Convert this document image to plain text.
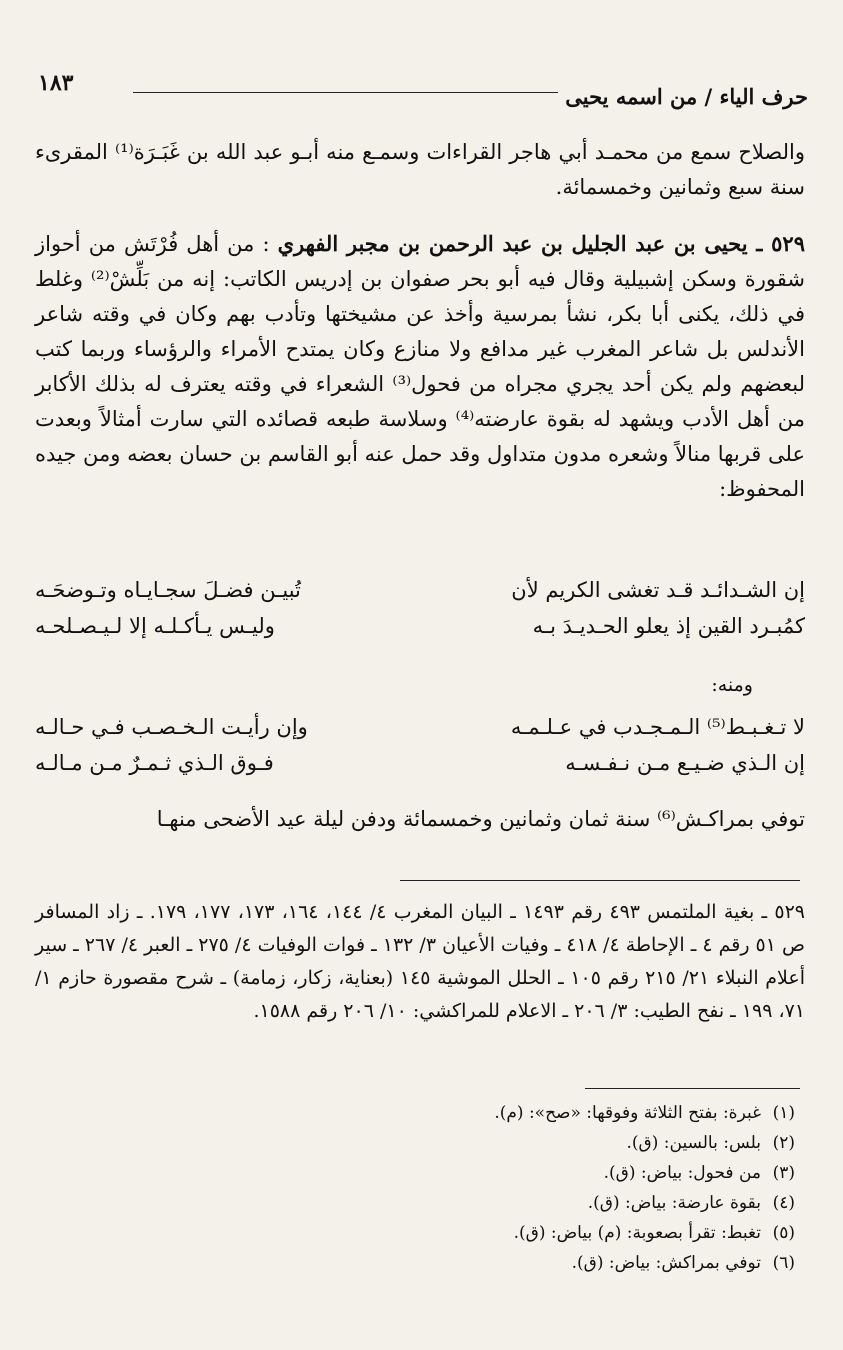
١٨٣
حرف الياء / من اسمه يحيى

والصلاح سمع من محمـد أبي هاجر القراءات وسمـع منه أبـو عبد الله بن غَبَـرَة⁽¹⁾ المقرىء سنة سبع وثمانين وخمسمائة.

٥٢٩ ـ يحيى بن عبد الجليل بن عبد الرحمن بن مجبر الفهري : من أهل فُرْتَش من أحواز شقورة وسكن إشبيلية وقال فيه أبو بحر صفوان بن إدريس الكاتب: إنه من بَلِّشْ⁽²⁾ وغلط في ذلك، يكنى أبا بكر، نشأ بمرسية وأخذ عن مشيختها وتأدب بهم وكان في وقته شاعر الأندلس بل شاعر المغرب غير مدافع ولا منازع وكان يمتدح الأمراء والرؤساء وربما كتب لبعضهم ولم يكن أحد يجري مجراه من فحول⁽³⁾ الشعراء في وقته يعترف له بذلك الأكابر من أهل الأدب ويشهد له بقوة عارضته⁽⁴⁾ وسلاسة طبعه قصائده التي سارت أمثالاً وبعدت على قربها منالاً وشعره مدون متداول وقد حمل عنه أبو القاسم بن حسان بعضه ومن جيده المحفوظ:

إن الشـدائـد قـد تغشى الكريم لأن
تُبيـن فضـلَ سجـايـاه وتـوضحَـه
كمُبـرد القين إذ يعلو الحـديـدَ بـه
وليـس يـأكـلـه إلا لـيـصـلحـه
ومنه:
لا تـغـبـط⁽⁵⁾ الـمـجـدب في عـلـمـه
وإن رأيـت الـخـصـب فـي حـالـه
إن الـذي ضـيـع مـن نـفـسـه
فـوق الـذي ثـمـرٌ مـن مـالـه
توفي بمراكـش⁽⁶⁾ سنة ثمان وثمانين وخمسمائة ودفن ليلة عيد الأضحى منهـا

٥٢٩ ـ بغية الملتمس ٤٩٣ رقم ١٤٩٣ ـ البيان المغرب ٤/ ١٤٤، ١٦٤، ١٧٣، ١٧٧، ١٧٩. ـ زاد المسافر ص ٥١ رقم ٤ ـ الإحاطة ٤/ ٤١٨ ـ وفيات الأعيان ٣/ ١٣٢ ـ فوات الوفيات ٤/ ٢٧٥ ـ العبر ٤/ ٢٦٧ ـ سير أعلام النبلاء ٢١/ ٢١٥ رقم ١٠٥ ـ الحلل الموشية ١٤٥ (بعناية، زكار، زمامة) ـ شرح مقصورة حازم ١/ ٧١، ١٩٩ ـ نفح الطيب: ٣/ ٢٠٦ ـ الاعلام للمراكشي: ١٠/ ٢٠٦ رقم ١٥٨٨.

(١)غبرة: بفتح الثلاثة وفوقها: «صح»: (م).
(٢)بلس: بالسين: (ق).
(٣)من فحول: بياض: (ق).
(٤)بقوة عارضة: بياض: (ق).
(٥)تغبط: تقرأ بصعوبة: (م) بياض: (ق).
(٦)توفي بمراكش: بياض: (ق).
